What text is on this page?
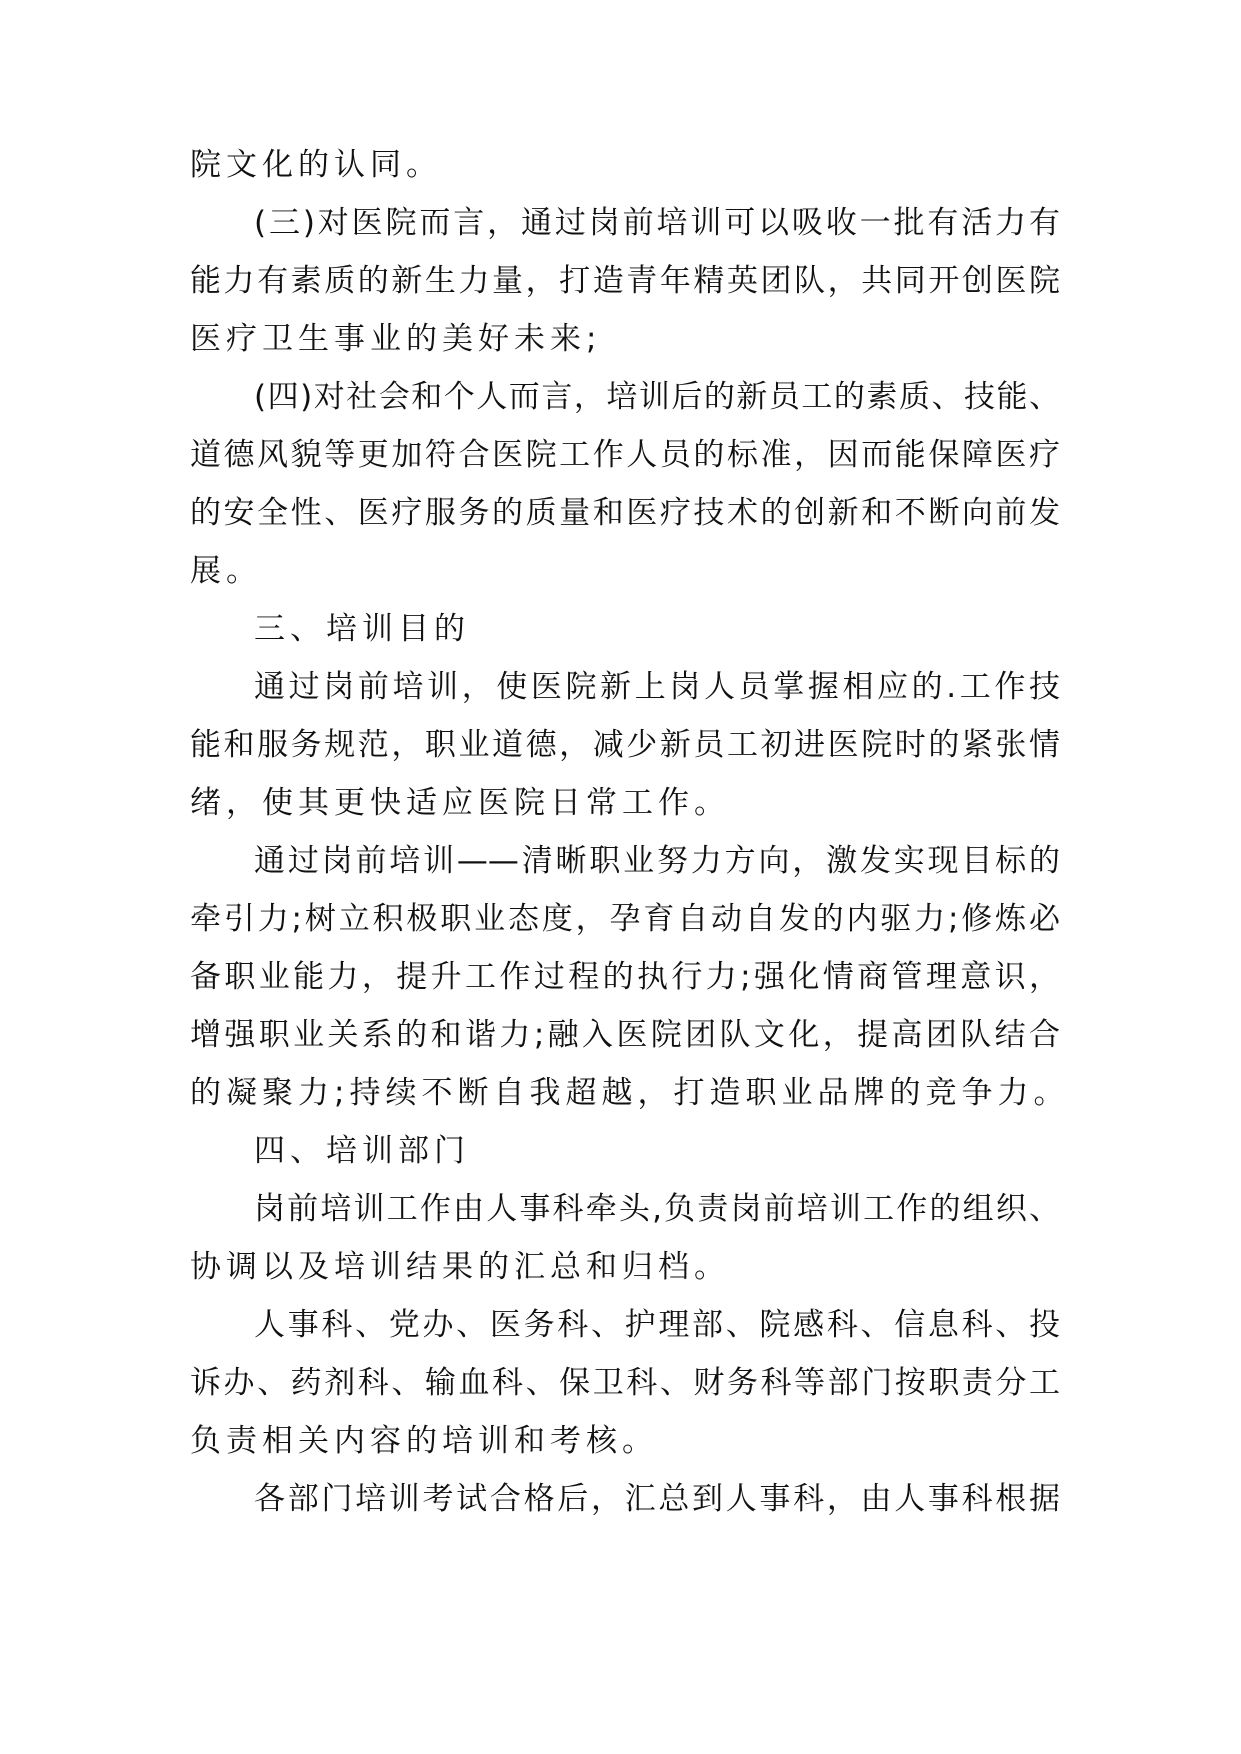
院文化的认同。
(三)对医院而言，通过岗前培训可以吸收一批有活力有
能力有素质的新生力量，打造青年精英团队，共同开创医院
医疗卫生事业的美好未来;
(四)对社会和个人而言，培训后的新员工的素质、技能、
道德风貌等更加符合医院工作人员的标准，因而能保障医疗
的安全性、医疗服务的质量和医疗技术的创新和不断向前发
展。
三、培训目的
通过岗前培训，使医院新上岗人员掌握相应的.工作技
能和服务规范，职业道德，减少新员工初进医院时的紧张情
绪，使其更快适应医院日常工作。
通过岗前培训——清晰职业努力方向，激发实现目标的
牵引力;树立积极职业态度，孕育自动自发的内驱力;修炼必
备职业能力，提升工作过程的执行力;强化情商管理意识，
增强职业关系的和谐力;融入医院团队文化，提高团队结合
的凝聚力;持续不断自我超越，打造职业品牌的竞争力。
四、培训部门
岗前培训工作由人事科牵头,负责岗前培训工作的组织、
协调以及培训结果的汇总和归档。
人事科、党办、医务科、护理部、院感科、信息科、投
诉办、药剂科、输血科、保卫科、财务科等部门按职责分工
负责相关内容的培训和考核。
各部门培训考试合格后，汇总到人事科，由人事科根据
